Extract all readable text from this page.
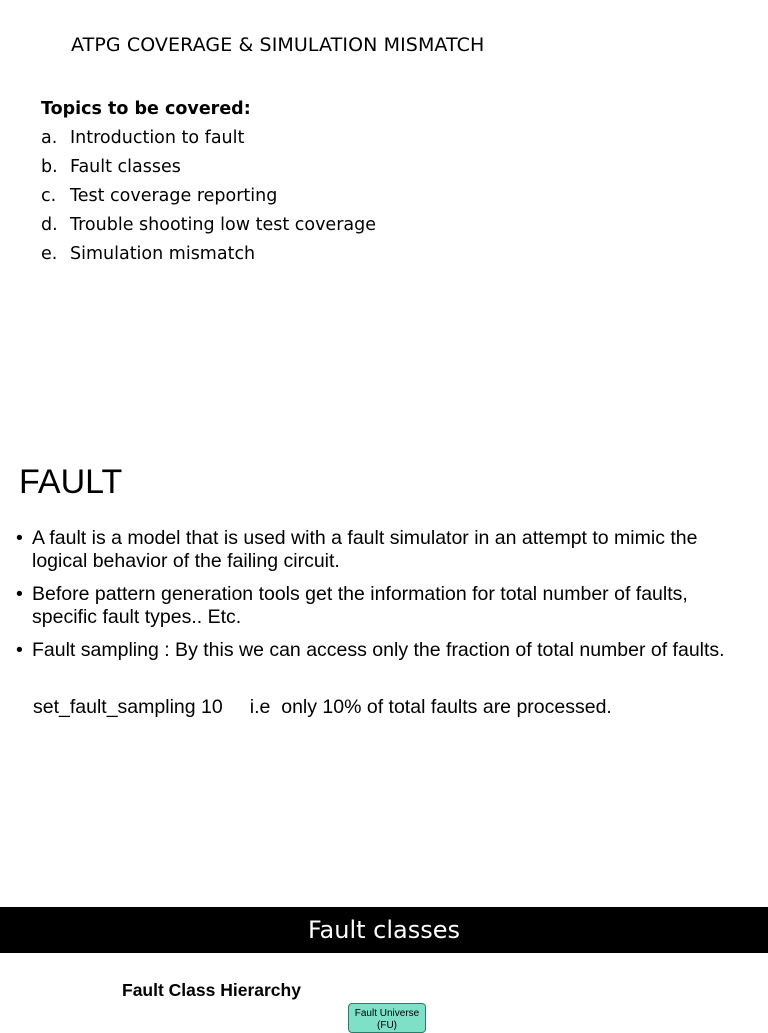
ATPG COVERAGE & SIMULATION MISMATCH
Topics to be covered:
a. Introduction to fault
b. Fault classes
c. Test coverage reporting
d. Trouble shooting low test coverage
e. Simulation mismatch
FAULT
• A fault is a model that is used with a fault simulator in an attempt to mimic the logical behavior of the failing circuit.
• Before pattern generation tools get the information for total number of faults, specific fault types.. Etc.
• Fault sampling : By this we can access only the fraction of total number of faults.
set_fault_sampling 10     i.e  only 10% of total faults are processed.
Fault classes
Fault Class Hierarchy
Fault Universe
(FU)
